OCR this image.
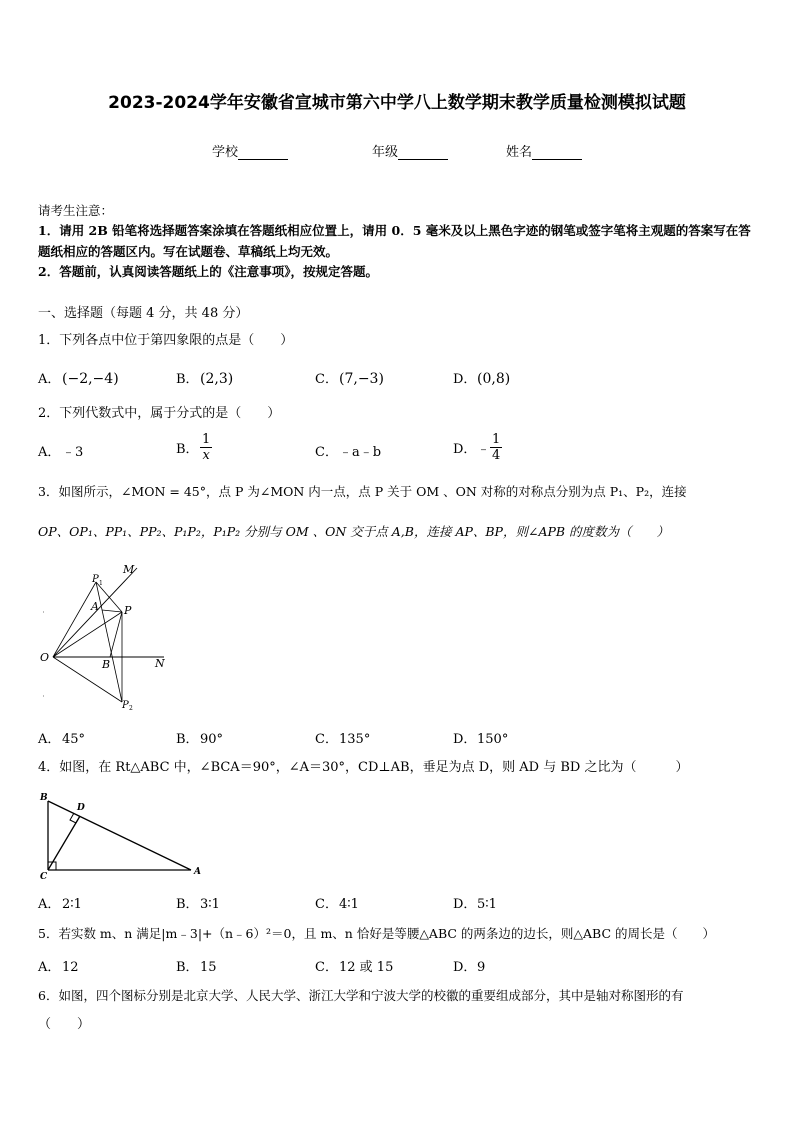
2023-2024学年安徽省宣城市第六中学八上数学期末教学质量检测模拟试题
学校	年级	姓名
请考生注意：
1．请用 2B 铅笔将选择题答案涂填在答题纸相应位置上，请用 0．5 毫米及以上黑色字迹的钢笔或签字笔将主观题的答案写在答题纸相应的答题区内。写在试题卷、草稿纸上均无效。
2．答题前，认真阅读答题纸上的《注意事项》，按规定答题。
一、选择题（每题 4 分，共 48 分）
1．下列各点中位于第四象限的点是（　　）
A． (−2,−4)	B．(2,3)	C．(7,−3)	D．(0,8)
2．下列代数式中，属于分式的是（　　）
A． ﹣3	B． $\frac{1}{x}$	C．﹣a﹣b	D．﹣ $\frac{1}{4}$
3．如图所示，∠MON = 45°，点 P 为∠MON 内一点，点 P 关于 OM 、ON 对称的对称点分别为点 P₁、P₂，连接
OP、OP₁、PP₁、PP₂、P₁P₂，P₁P₂ 分别与 OM 、ON 交于点 A,B，连接 AP、BP，则∠APB 的度数为（　　）
O	N
M
P
P 1
P 2
A
B
A． 45°	B．90°	C．135°	D．150°
4．如图，在 Rt△ABC 中，∠BCA＝90°，∠A＝30°，CD⊥AB，垂足为点 D，则 AD 与 BD 之比为（　　　）
B
D
C	A
A． 2∶1	B．3∶1	C．4∶1	D．5∶1
5．若实数 m、n 满足|m﹣3|+（n﹣6）²＝0，且 m、n 恰好是等腰△ABC 的两条边的边长，则△ABC 的周长是（　　）
A． 12	B．15	C．12 或 15	D．9
6．如图，四个图标分别是北京大学、人民大学、浙江大学和宁波大学的校徽的重要组成部分，其中是轴对称图形的有
（　　）
